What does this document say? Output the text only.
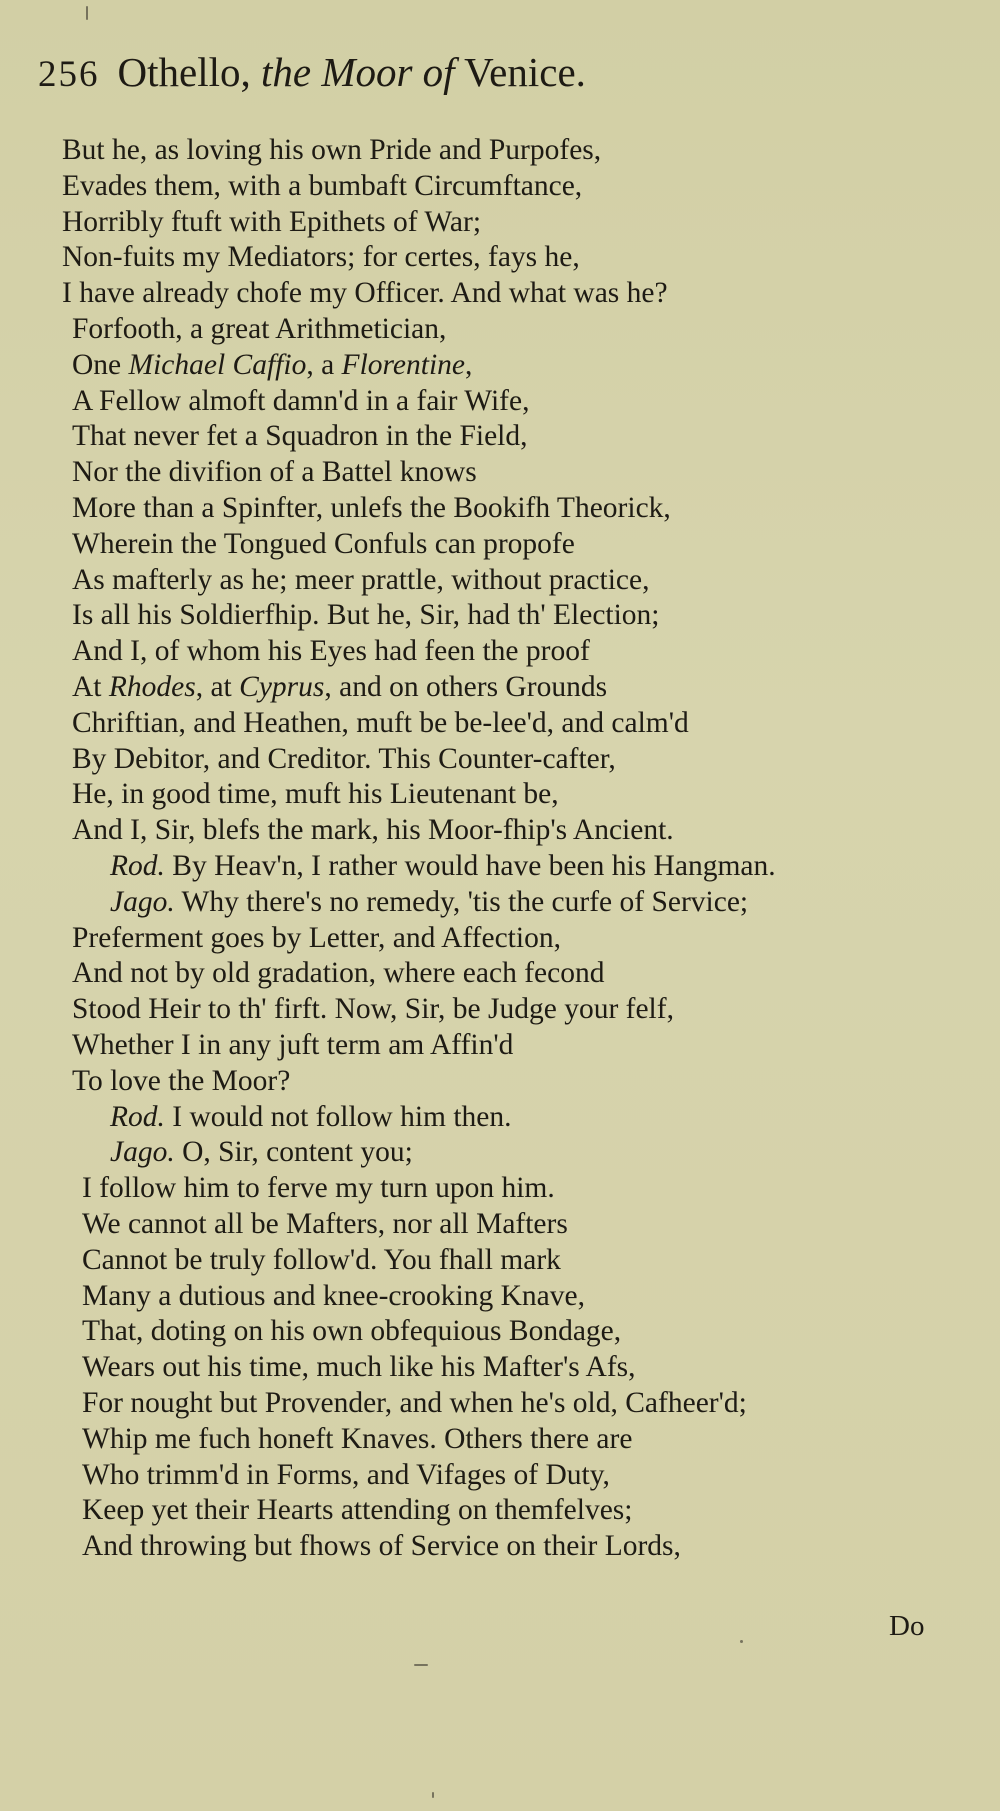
256 Othello, the Moor of Venice.
But he, as loving his own Pride and Purpofes,
Evades them, with a bumbaft Circumftance,
Horribly ftuft with Epithets of War;
Non-fuits my Mediators; for certes, fays he,
I have already chofe my Officer. And what was he?
Forfooth, a great Arithmetician,
One Michael Caffio, a Florentine,
A Fellow almoft damn'd in a fair Wife,
That never fet a Squadron in the Field,
Nor the divifion of a Battel knows
More than a Spinfter, unlefs the Bookifh Theorick,
Wherein the Tongued Confuls can propofe
As mafterly as he; meer prattle, without practice,
Is all his Soldierfhip. But he, Sir, had th' Election;
And I, of whom his Eyes had feen the proof
At Rhodes, at Cyprus, and on others Grounds
Chriftian, and Heathen, muft be be-lee'd, and calm'd
By Debitor, and Creditor. This Counter-cafter,
He, in good time, muft his Lieutenant be,
And I, Sir, blefs the mark, his Moor-fhip's Ancient.
Rod. By Heav'n, I rather would have been his Hangman.
Jago. Why there's no remedy, 'tis the curfe of Service;
Preferment goes by Letter, and Affection,
And not by old gradation, where each fecond
Stood Heir to th' firft. Now, Sir, be Judge your felf,
Whether I in any juft term am Affin'd
To love the Moor?
Rod. I would not follow him then.
Jago. O, Sir, content you;
I follow him to ferve my turn upon him.
We cannot all be Mafters, nor all Mafters
Cannot be truly follow'd. You fhall mark
Many a dutious and knee-crooking Knave,
That, doting on his own obfequious Bondage,
Wears out his time, much like his Mafter's Afs,
For nought but Provender, and when he's old, Cafheer'd;
Whip me fuch honeft Knaves. Others there are
Who trimm'd in Forms, and Vifages of Duty,
Keep yet their Hearts attending on themfelves;
And throwing but fhows of Service on their Lords,
Do
